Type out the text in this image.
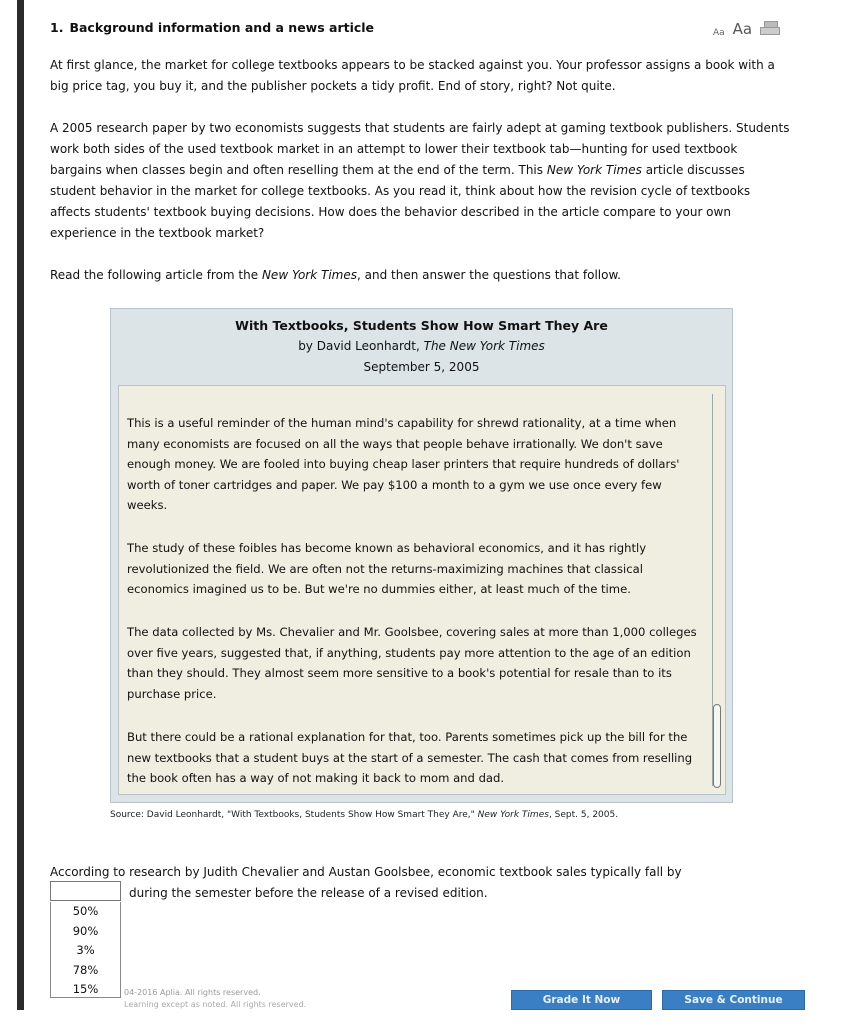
1. Background information and a news article	Aa Aa
At first glance, the market for college textbooks appears to be stacked against you. Your professor assigns a book with a big price tag, you buy it, and the publisher pockets a tidy profit. End of story, right? Not quite.
A 2005 research paper by two economists suggests that students are fairly adept at gaming textbook publishers. Students work both sides of the used textbook market in an attempt to lower their textbook tab—hunting for used textbook bargains when classes begin and often reselling them at the end of the term. This New York Times article discusses student behavior in the market for college textbooks. As you read it, think about how the revision cycle of textbooks affects students' textbook buying decisions. How does the behavior described in the article compare to your own experience in the textbook market?
Read the following article from the New York Times, and then answer the questions that follow.
With Textbooks, Students Show How Smart They Are
by David Leonhardt, The New York Times
September 5, 2005

This is a useful reminder of the human mind's capability for shrewd rationality, at a time when many economists are focused on all the ways that people behave irrationally. We don't save enough money. We are fooled into buying cheap laser printers that require hundreds of dollars' worth of toner cartridges and paper. We pay $100 a month to a gym we use once every few weeks.

The study of these foibles has become known as behavioral economics, and it has rightly revolutionized the field. We are often not the returns-maximizing machines that classical economics imagined us to be. But we're no dummies either, at least much of the time.

The data collected by Ms. Chevalier and Mr. Goolsbee, covering sales at more than 1,000 colleges over five years, suggested that, if anything, students pay more attention to the age of an edition than they should. They almost seem more sensitive to a book's potential for resale than to its purchase price.

But there could be a rational explanation for that, too. Parents sometimes pick up the bill for the new textbooks that a student buys at the start of a semester. The cash that comes from reselling the book often has a way of not making it back to mom and dad.

Source: David Leonhardt, "With Textbooks, Students Show How Smart They Are," New York Times, Sept. 5, 2005.
According to research by Judith Chevalier and Austan Goolsbee, economic textbook sales typically fall by
during the semester before the release of a revised edition.
50%
90%
3%
78%
15%	04-2016 Aplia. All rights reserved.
Learning except as noted. All rights reserved.	Grade It Now	Save & Continue
